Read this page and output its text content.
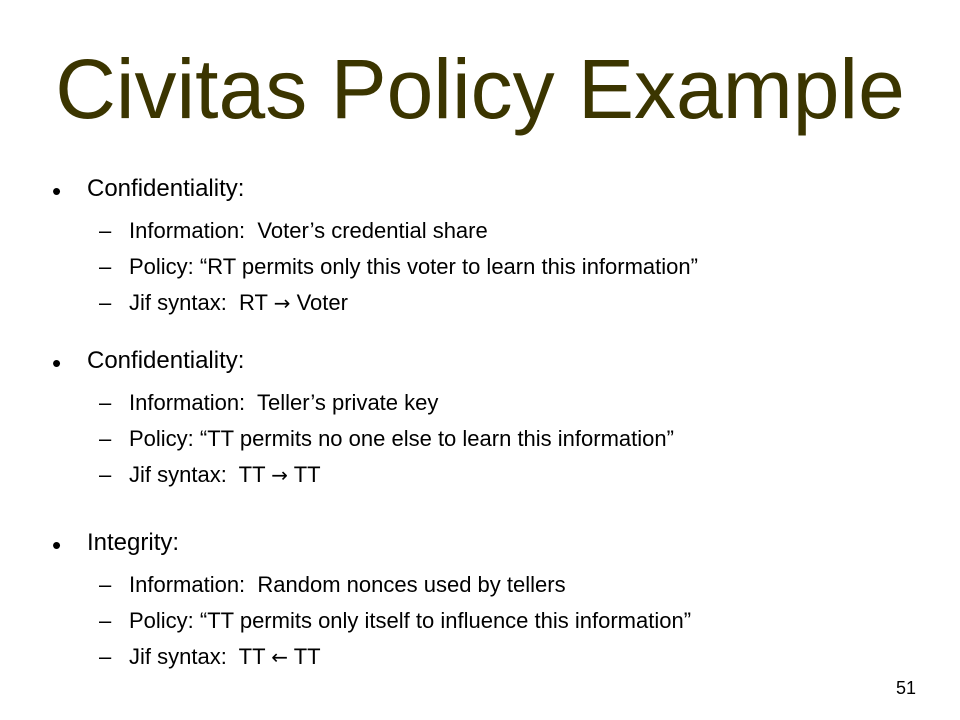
Civitas Policy Example
• Confidentiality:
– Information: Voter’s credential share
– Policy: “RT permits only this voter to learn this information”
– Jif syntax: RT → Voter
• Confidentiality:
– Information: Teller’s private key
– Policy: “TT permits no one else to learn this information”
– Jif syntax: TT → TT
• Integrity:
– Information: Random nonces used by tellers
– Policy: “TT permits only itself to influence this information”
– Jif syntax: TT ← TT
51
